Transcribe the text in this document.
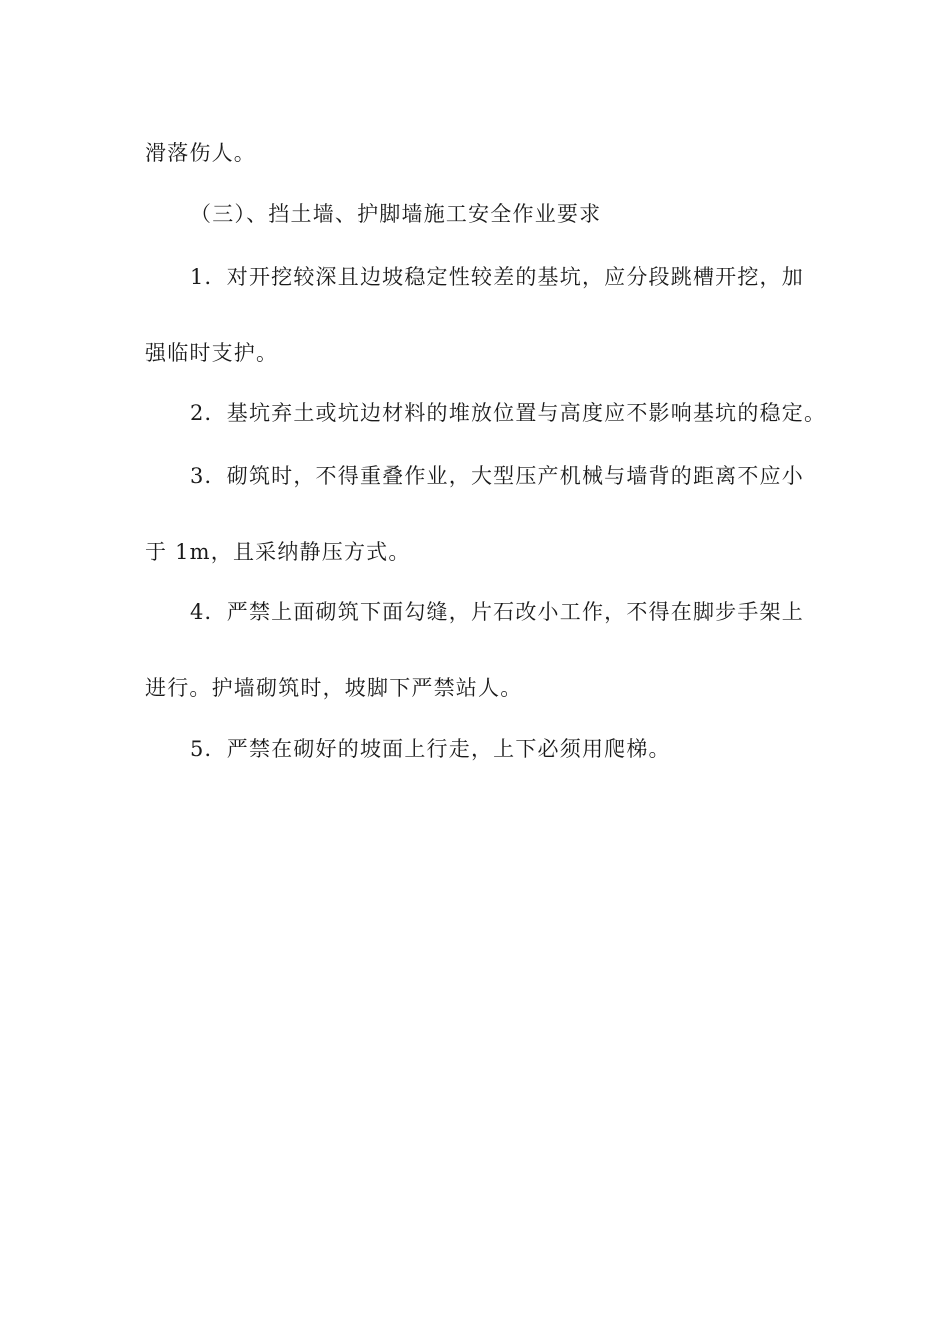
滑落伤人。
（三）、挡土墙、护脚墙施工安全作业要求
1．对开挖较深且边坡稳定性较差的基坑，应分段跳槽开挖，加
强临时支护。
2．基坑弃土或坑边材料的堆放位置与高度应不影响基坑的稳定。
3．砌筑时，不得重叠作业，大型压产机械与墙背的距离不应小
于 1m，且采纳静压方式。
4．严禁上面砌筑下面勾缝，片石改小工作，不得在脚步手架上
进行。护墙砌筑时，坡脚下严禁站人。
5．严禁在砌好的坡面上行走，上下必须用爬梯。
